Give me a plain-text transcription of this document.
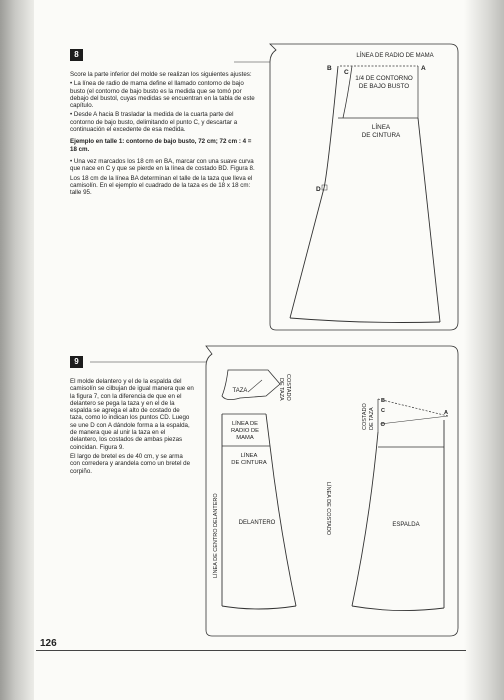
8

Score la parte inferior del molde se realizan los siguientes ajustes:

• La línea de radio de mama define el llamado contorno de bajo busto (el contorno de bajo busto es la medida que se tomó por debajo del bustol, cuyas medidas se encuentran en la tabla de este capítulo.

• Desde A hacia B trasladar la medida de la cuarta parte del contorno de bajo busto, delimitando el punto C, y descartar a continuación el excedente de esa medida.

Ejemplo en talle 1: contorno de bajo busto, 72 cm; 72 cm : 4 = 18 cm.

• Una vez marcados los 18 cm en BA, marcar con una suave curva que nace en C y que se pierde en la línea de costado BD. Figura 8.

Los 18 cm de la línea BA determinan el talle de la taza que lleva el camisolín. En el ejemplo el cuadrado de la taza es de 18 x 18 cm: talle 95.

LÍNEA DE RADIO DE MAMA
B
C
A
D
1/4 DE CONTORNO
DE BAJO BUSTO
LÍNEA
DE CINTURA
9

El molde delantero y el de la espalda del camisolín se cilbujan de igual manera que en la figura 7, con la diferencia de que en el delantero se pega la taza y en el de la espalda se agrega el alto de costado de taza, como lo indican los puntos CD. Luego se une D con A dándole forma a la espalda, de manera que al unir la taza en el delantero, los costados de ambas piezas coincidan. Figura 9.

El largo de bretel es de 40 cm, y se arma con corredera y arandela como un bretel de corpiño.

TAZA	COSTADO
DE TAZA
LÍNEA DE
RADIO DE
MAMA
LÍNEA
DE CINTURA
DELANTERO
LÍNEA DE CENTRO DELANTERO	LÍNEA DE COSTADO
COSTADO DE TAZA
B
C
D
A
ESPALDA
126
